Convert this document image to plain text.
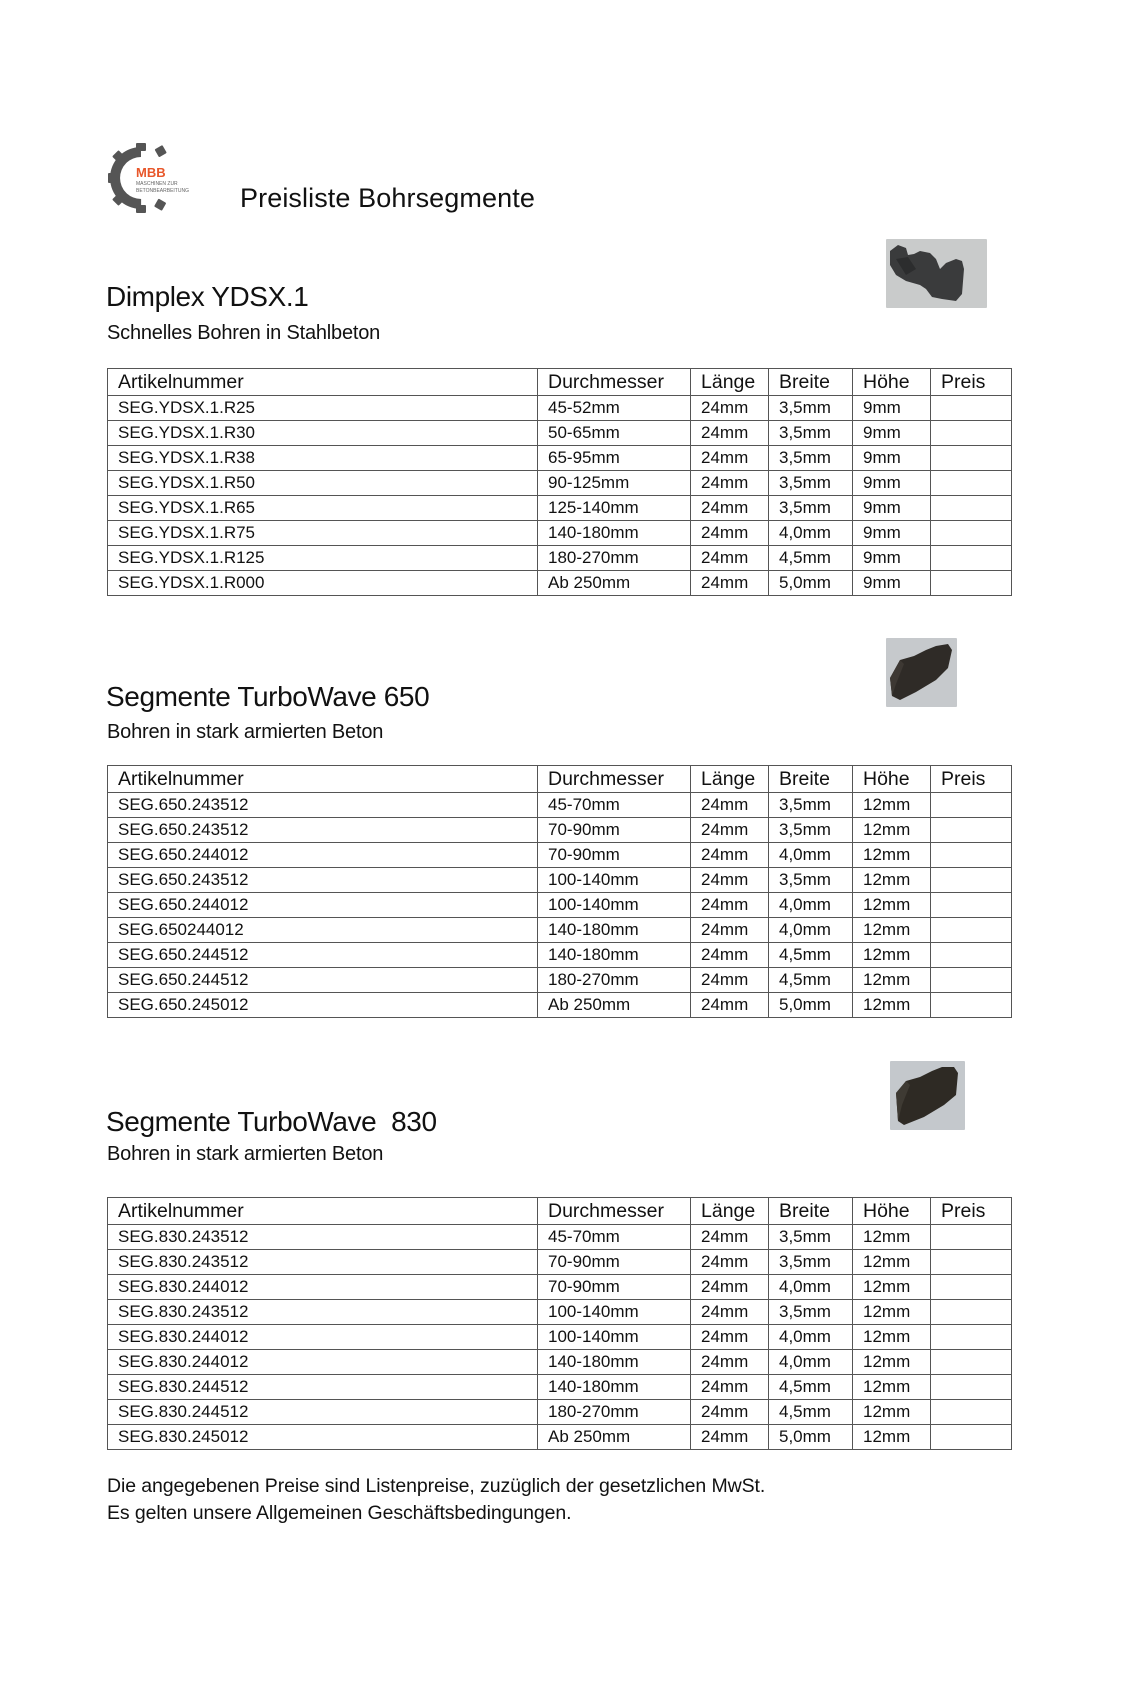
MBB
MASCHINEN ZUR
BETONBEARBEITUNG Preisliste Bohrsegmente
Dimplex YDSX.1
Schnelles Bohren in Stahlbeton
Artikelnummer	Durchmesser	Länge	Breite	Höhe	Preis
SEG.YDSX.1.R25	45-52mm	24mm	3,5mm	9mm	
SEG.YDSX.1.R30	50-65mm	24mm	3,5mm	9mm	
SEG.YDSX.1.R38	65-95mm	24mm	3,5mm	9mm	
SEG.YDSX.1.R50	90-125mm	24mm	3,5mm	9mm	
SEG.YDSX.1.R65	125-140mm	24mm	3,5mm	9mm	
SEG.YDSX.1.R75	140-180mm	24mm	4,0mm	9mm	
SEG.YDSX.1.R125	180-270mm	24mm	4,5mm	9mm	
SEG.YDSX.1.R000	Ab 250mm	24mm	5,0mm	9mm	
Segmente TurboWave 650
Bohren in stark armierten Beton
Artikelnummer	Durchmesser	Länge	Breite	Höhe	Preis
SEG.650.243512	45-70mm	24mm	3,5mm	12mm	
SEG.650.243512	70-90mm	24mm	3,5mm	12mm	
SEG.650.244012	70-90mm	24mm	4,0mm	12mm	
SEG.650.243512	100-140mm	24mm	3,5mm	12mm	
SEG.650.244012	100-140mm	24mm	4,0mm	12mm	
SEG.650244012	140-180mm	24mm	4,0mm	12mm	
SEG.650.244512	140-180mm	24mm	4,5mm	12mm	
SEG.650.244512	180-270mm	24mm	4,5mm	12mm	
SEG.650.245012	Ab 250mm	24mm	5,0mm	12mm	
Segmente TurboWave  830
Bohren in stark armierten Beton
Artikelnummer	Durchmesser	Länge	Breite	Höhe	Preis
SEG.830.243512	45-70mm	24mm	3,5mm	12mm	
SEG.830.243512	70-90mm	24mm	3,5mm	12mm	
SEG.830.244012	70-90mm	24mm	4,0mm	12mm	
SEG.830.243512	100-140mm	24mm	3,5mm	12mm	
SEG.830.244012	100-140mm	24mm	4,0mm	12mm	
SEG.830.244012	140-180mm	24mm	4,0mm	12mm	
SEG.830.244512	140-180mm	24mm	4,5mm	12mm	
SEG.830.244512	180-270mm	24mm	4,5mm	12mm	
SEG.830.245012	Ab 250mm	24mm	5,0mm	12mm	
Die angegebenen Preise sind Listenpreise, zuzüglich der gesetzlichen MwSt.
Es gelten unsere Allgemeinen Geschäftsbedingungen.
